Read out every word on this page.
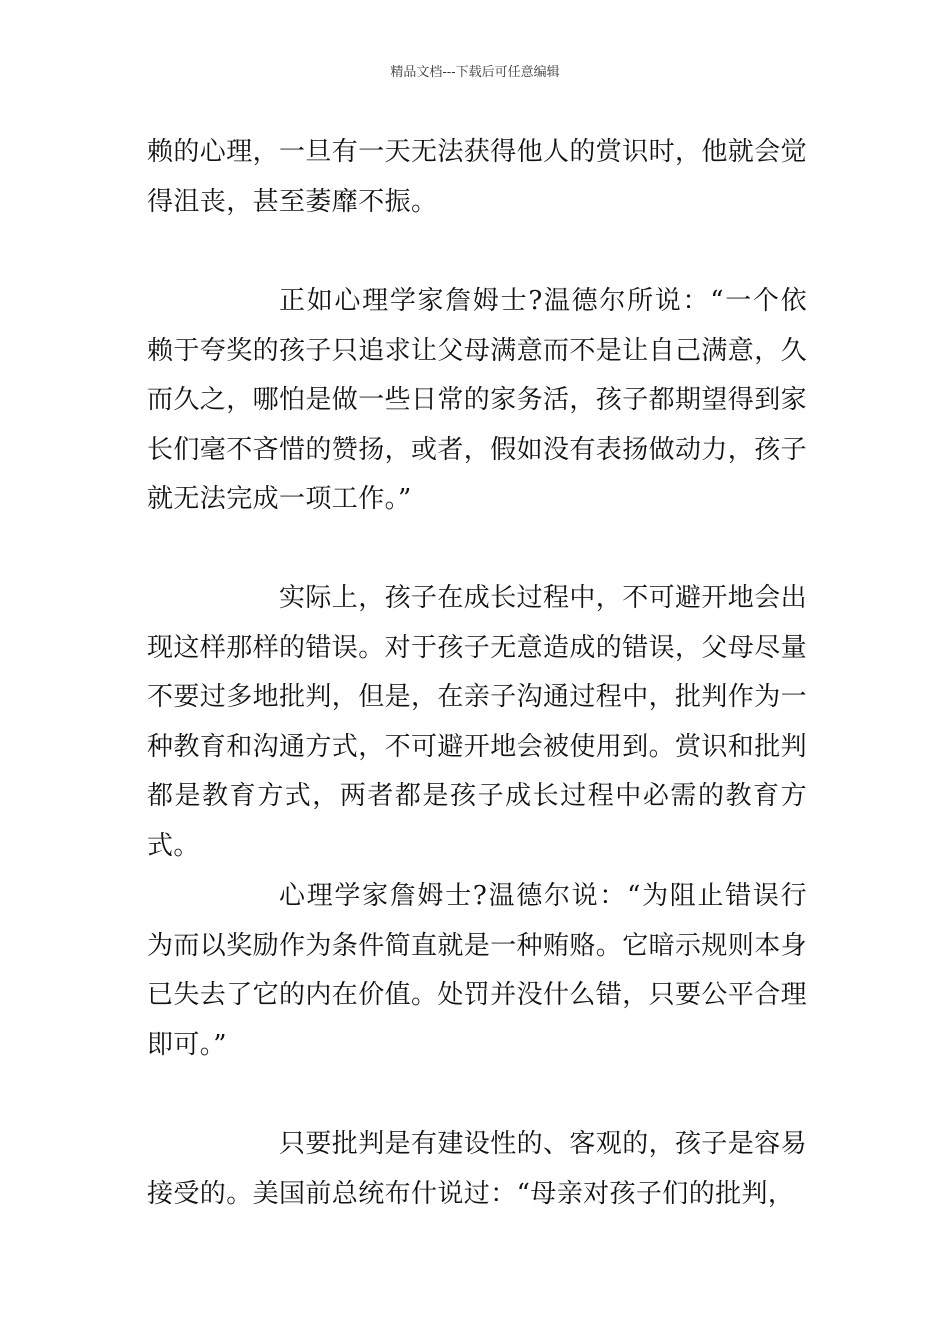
精品文档---下载后可任意编辑

赖的心理，一旦有一天无法获得他人的赏识时，他就会觉得沮丧，甚至萎靡不振。

正如心理学家詹姆士?温德尔所说：“一个依赖于夸奖的孩子只追求让父母满意而不是让自己满意，久而久之，哪怕是做一些日常的家务活，孩子都期望得到家长们毫不吝惜的赞扬，或者，假如没有表扬做动力，孩子就无法完成一项工作。”

实际上，孩子在成长过程中，不可避开地会出现这样那样的错误。对于孩子无意造成的错误，父母尽量不要过多地批判，但是，在亲子沟通过程中，批判作为一种教育和沟通方式，不可避开地会被使用到。赏识和批判都是教育方式，两者都是孩子成长过程中必需的教育方式。

心理学家詹姆士?温德尔说：“为阻止错误行为而以奖励作为条件简直就是一种贿赂。它暗示规则本身已失去了它的内在价值。处罚并没什么错，只要公平合理即可。”

只要批判是有建设性的、客观的，孩子是容易接受的。美国前总统布什说过：“母亲对孩子们的批判，
